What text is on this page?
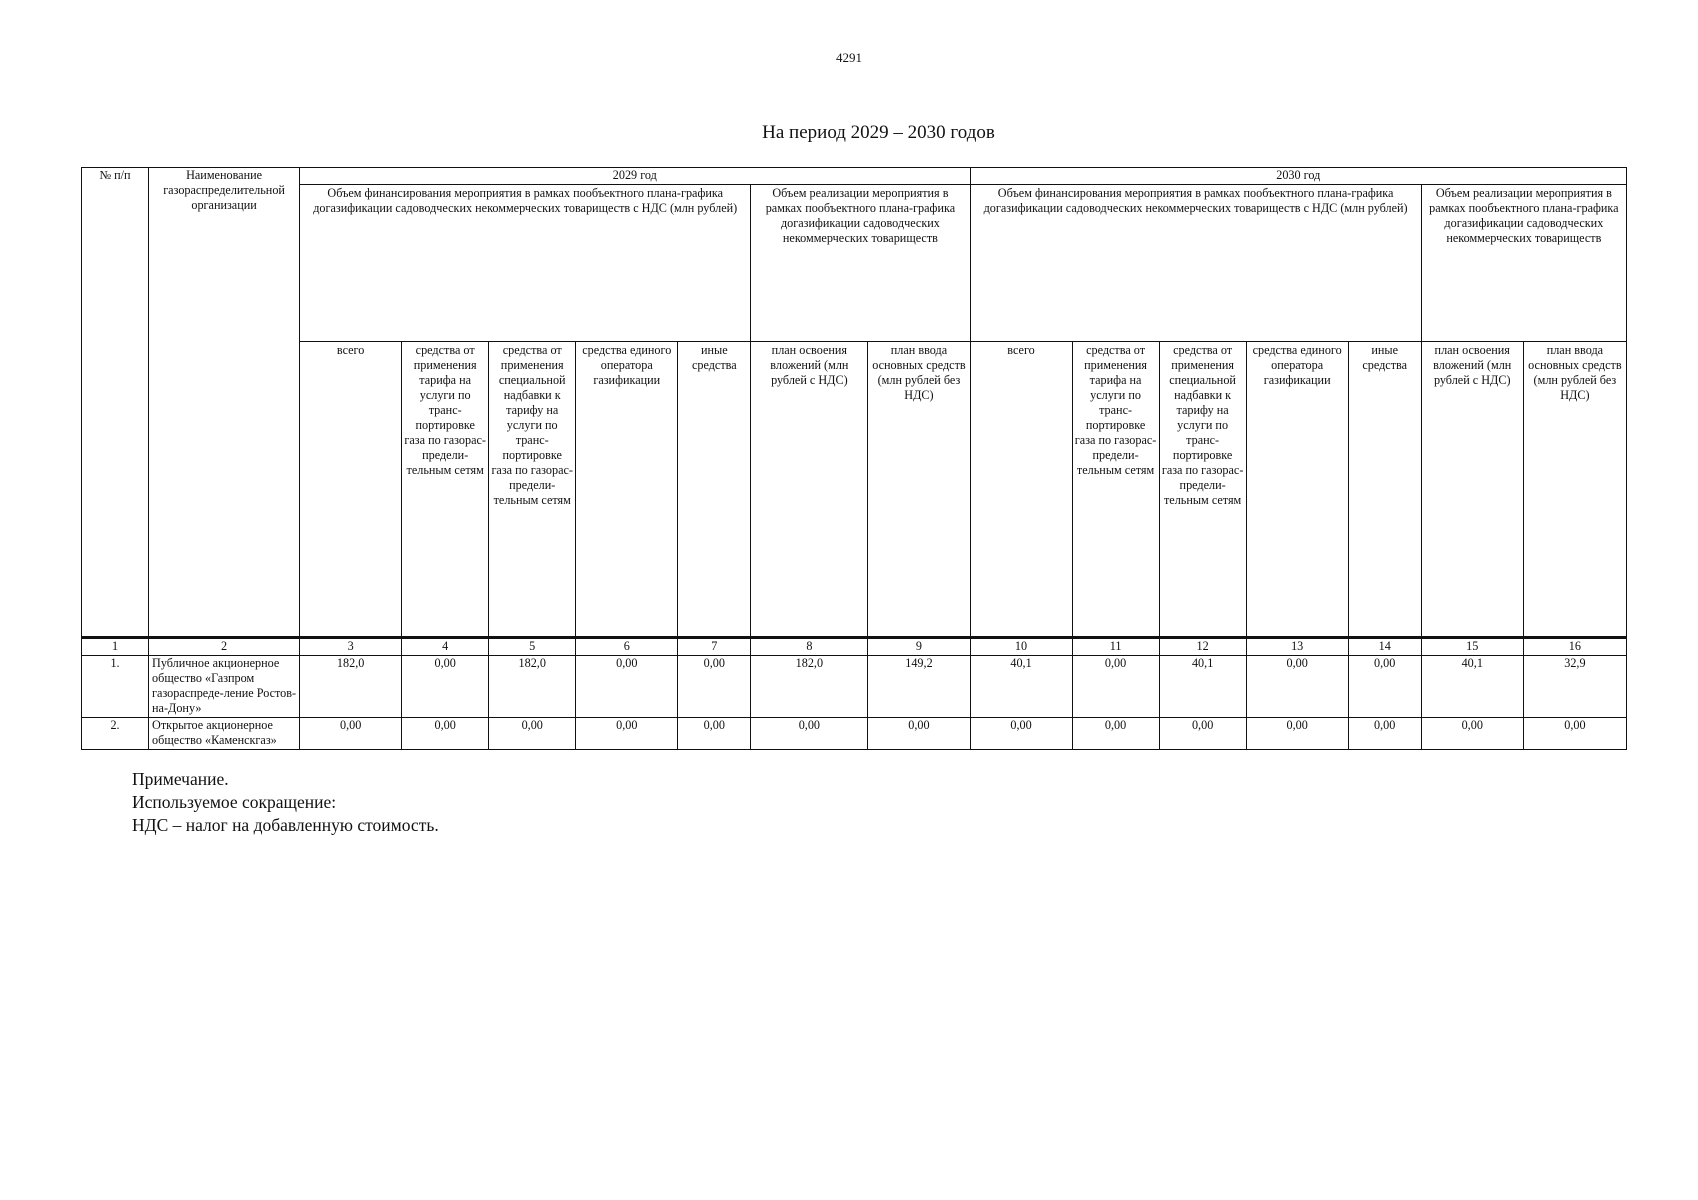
4291
На период 2029 – 2030 годов
№ п/п	Наименование газораспределительной организации	2029 год							2030 год						
		Объем финансирования мероприятия в рамках пообъектного плана-графика догазификации садоводческих некоммерческих товариществ с НДС (млн рублей)					Объем реализации мероприятия в рамках пообъектного плана-графика догазификации садоводческих некоммерческих товариществ		Объем финансирования мероприятия в рамках пообъектного плана-графика догазификации садоводческих некоммерческих товариществ с НДС (млн рублей)					Объем реализации мероприятия в рамках пообъектного плана-графика догазификации садоводческих некоммерческих товариществ	
		всего	средства от применения тарифа на услуги по транс-портировке газа по газорас-предели-тельным сетям	средства от применения специальной надбавки к тарифу на услуги по транс-портировке газа по газорас-предели-тельным сетям	средства единого оператора газификации	иные средства	план освоения вложений (млн рублей с НДС)	план ввода основных средств (млн рублей без НДС)	всего	средства от применения тарифа на услуги по транс-портировке газа по газорас-предели-тельным сетям	средства от применения специальной надбавки к тарифу на услуги по транс-портировке газа по газорас-предели-тельным сетям	средства единого оператора газификации	иные средства	план освоения вложений (млн рублей с НДС)	план ввода основных средств (млн рублей без НДС)
1	2	3	4	5	6	7	8	9	10	11	12	13	14	15	16
1.	Публичное акционерное общество «Газпром газораспреде-ление Ростов-на-Дону»	182,0	0,00	182,0	0,00	0,00	182,0	149,2	40,1	0,00	40,1	0,00	0,00	40,1	32,9
2.	Открытое акционерное общество «Каменскгаз»	0,00	0,00	0,00	0,00	0,00	0,00	0,00	0,00	0,00	0,00	0,00	0,00	0,00	0,00
Примечание.
Используемое сокращение:
НДС – налог на добавленную стоимость.
